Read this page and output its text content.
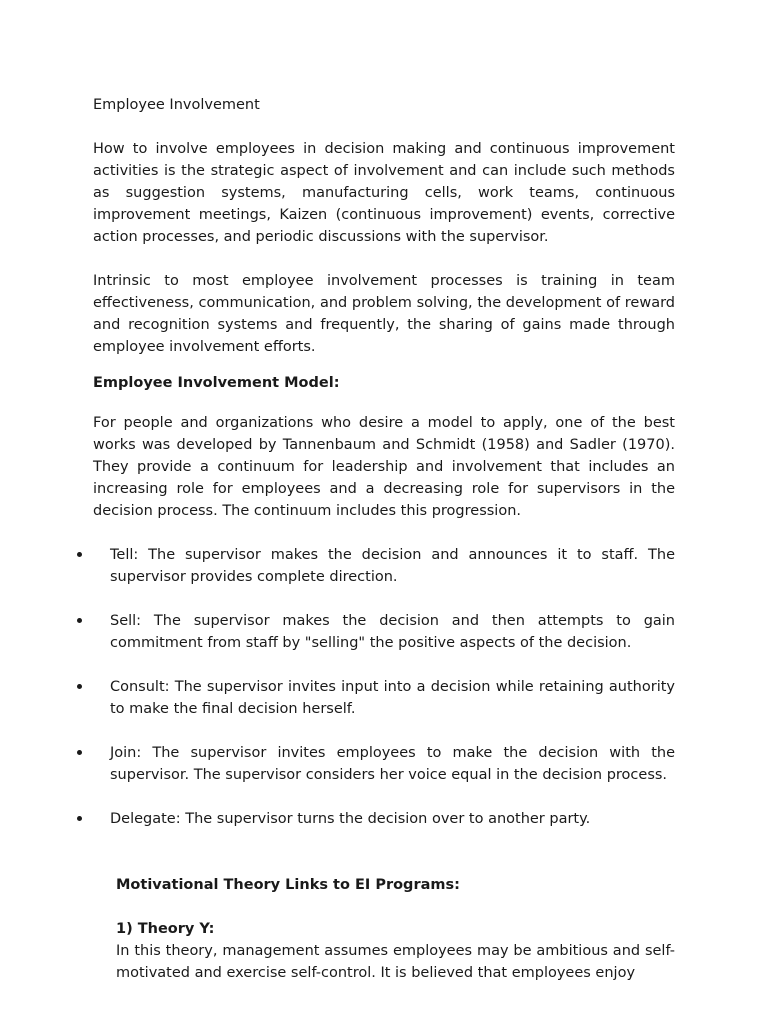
Employee Involvement

How to involve employees in decision making and continuous improvement activities is the strategic aspect of involvement and can include such methods as suggestion systems, manufacturing cells, work teams, continuous improvement meetings, Kaizen (continuous improvement) events, corrective action processes, and periodic discussions with the supervisor.

Intrinsic to most employee involvement processes is training in team effectiveness, communication, and problem solving, the development of reward and recognition systems and frequently, the sharing of gains made through employee involvement efforts.

Employee Involvement Model:

For people and organizations who desire a model to apply, one of the best works was developed by Tannenbaum and Schmidt (1958) and Sadler (1970). They provide a continuum for leadership and involvement that includes an increasing role for employees and a decreasing role for supervisors in the decision process. The continuum includes this progression.

Tell: The supervisor makes the decision and announces it to staff. The supervisor provides complete direction.
Sell: The supervisor makes the decision and then attempts to gain commitment from staff by "selling" the positive aspects of the decision.
Consult: The supervisor invites input into a decision while retaining authority to make the final decision herself.
Join: The supervisor invites employees to make the decision with the supervisor. The supervisor considers her voice equal in the decision process.
Delegate: The supervisor turns the decision over to another party.
Motivational Theory Links to EI Programs:
1) Theory Y:

In this theory, management assumes employees may be ambitious and self-motivated and exercise self-control. It is believed that employees enjoy
